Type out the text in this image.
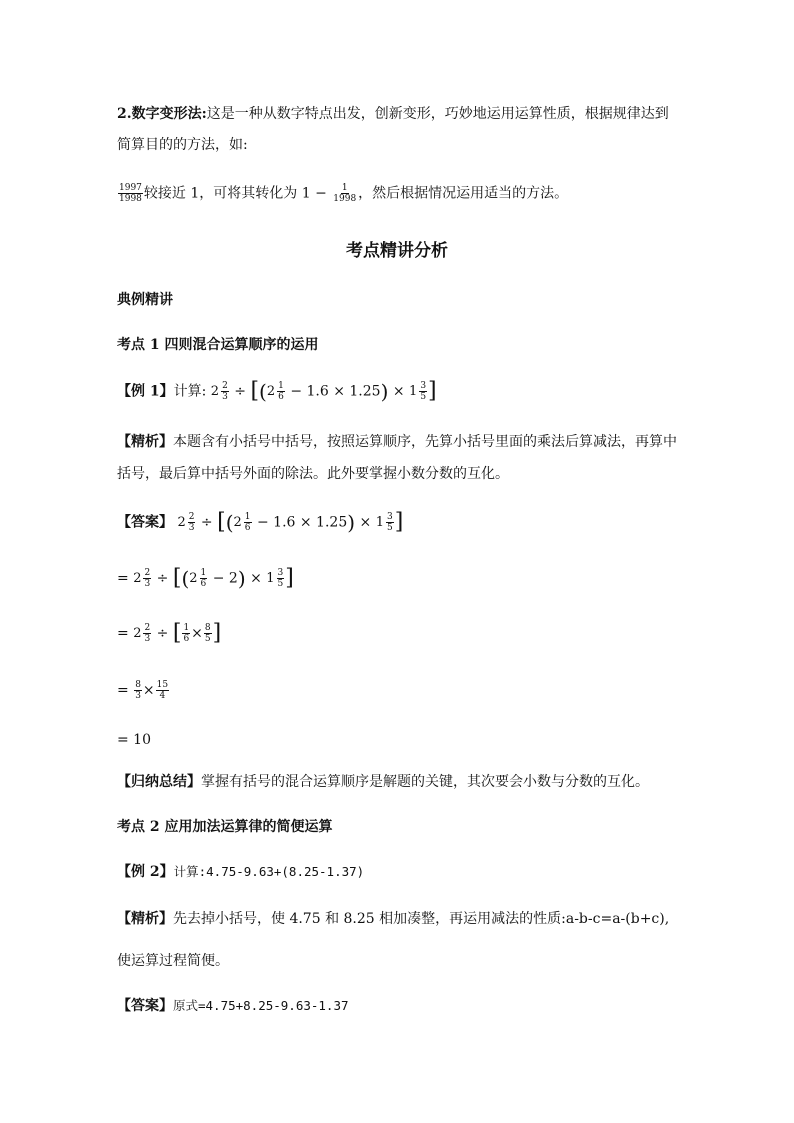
2.数字变形法:这是一种从数字特点出发，创新变形，巧妙地运用运算性质，根据规律达到
简算目的的方法，如:
$\frac{1997}{1998}$ 较接近 1，可将其转化为 $1 - \frac{1}{1998}$ ，然后根据情况运用适当的方法。
考点精讲分析
典例精讲
考点 1 四则混合运算顺序的运用
【例 1】计算: $2 \frac{2}{3}$ ÷ [( $2 \frac{1}{6} - 1.6 \times 1.25) \times 1 \frac{3}{5}$ ]
【精析】本题含有小括号中括号，按照运算顺序，先算小括号里面的乘法后算减法，再算中
括号，最后算中括号外面的除法。此外要掌握小数分数的互化。
【答案】 $2 \frac{2}{3}$ ÷ [( $2 \frac{1}{6} - 1.6 \times 1.25) \times 1 \frac{3}{5}$ ]
= $2 \frac{2}{3}$ ÷ [( $2 \frac{1}{6} - 2) \times 1 \frac{3}{5}$ ]
= $2 \frac{2}{3}$ ÷ [ $\frac{1}{6} \times \frac{8}{5}$ ]
= $\frac{8}{3} \times \frac{15}{4}$
= 10
【归纳总结】掌握有括号的混合运算顺序是解题的关键，其次要会小数与分数的互化。
考点 2 应用加法运算律的简便运算
【例 2】计算:4.75-9.63+(8.25-1.37)
【精析】先去掉小括号，使 4.75 和 8.25 相加凑整，再运用减法的性质:a-b-c=a-(b+c),
使运算过程简便。
【答案】原式=4.75+8.25-9.63-1.37
